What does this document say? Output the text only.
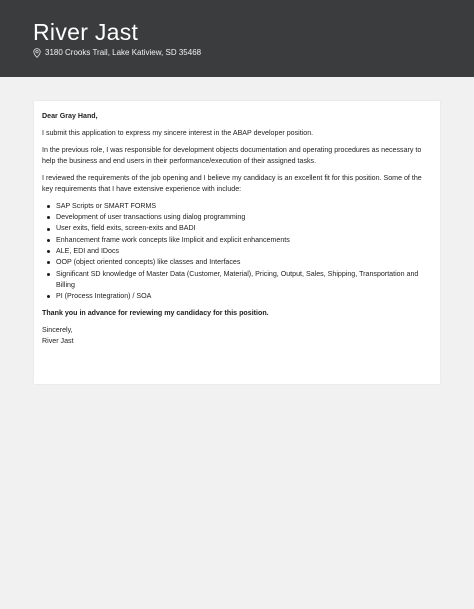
River Jast
3180 Crooks Trail, Lake Katiview, SD 35468

Dear Gray Hand,

I submit this application to express my sincere interest in the ABAP developer position.

In the previous role, I was responsible for development objects documentation and operating procedures as necessary to help the business and end users in their performance/execution of their assigned tasks.

I reviewed the requirements of the job opening and I believe my candidacy is an excellent fit for this position. Some of the key requirements that I have extensive experience with include:

SAP Scripts or SMART FORMS
Development of user transactions using dialog programming
User exits, field exits, screen-exits and BADI
Enhancement frame work concepts like Implicit and explicit enhancements
ALE, EDI and IDocs
OOP (object oriented concepts) like classes and Interfaces
Significant SD knowledge of Master Data (Customer, Material), Pricing, Output, Sales, Shipping, Transportation and Billing
PI (Process Integration) / SOA

Thank you in advance for reviewing my candidacy for this position.

Sincerely,

River Jast
